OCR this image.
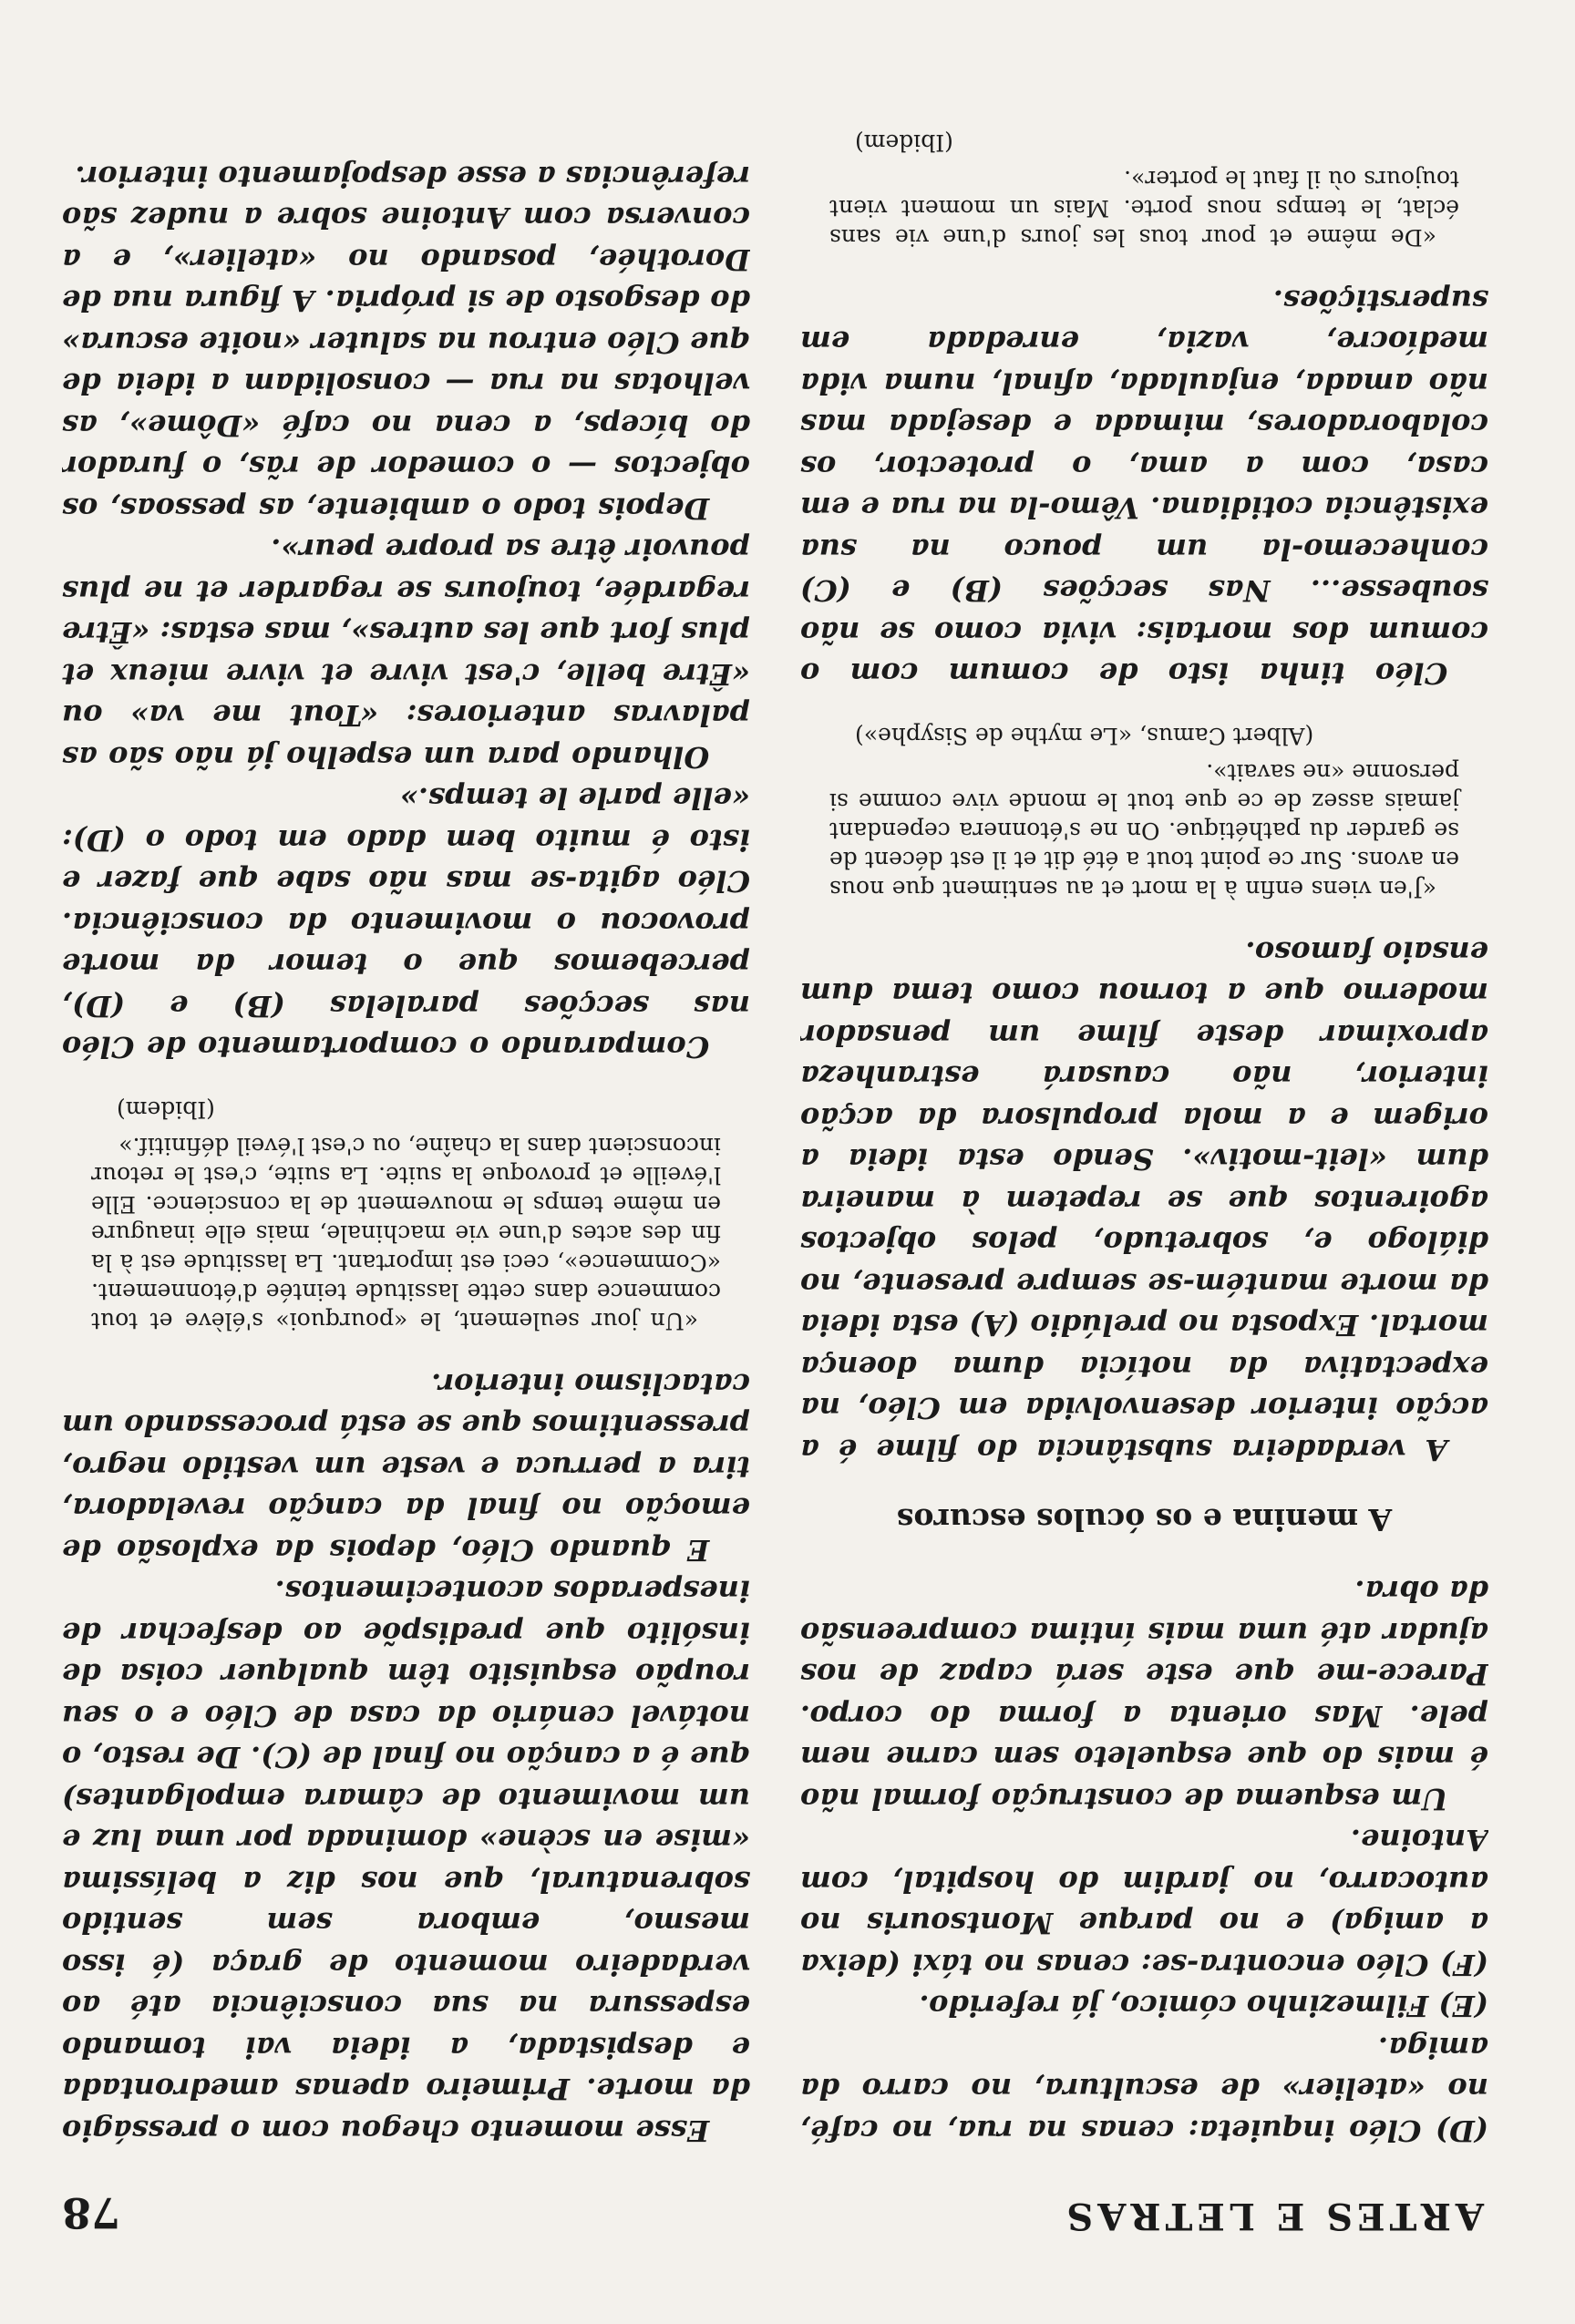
ARTES E LETRAS
78

(D) Cléo inquieta: cenas na rua, no café, no «atelier» de escultura, no carro da amiga.

(E) Filmezinho cómico, já referido.

(F) Cléo encontra-se: cenas no táxi (deixa a amiga) e no parque Montsouris no autocarro, no jardim do hospital, com Antoine.

Um esquema de construção formal não é mais do que esqueleto sem carne nem pele. Mas orienta a forma do corpo. Parece-me que este será capaz de nos ajudar até uma mais íntima compreensão da obra.

A menina e os óculos escuros

A verdadeira substância do filme é a acção interior desenvolvida em Cléo, na expectativa da notícia duma doença mortal. Exposta no prelúdio (A) esta ideia da morte mantém-se sempre presente, no diálogo e, sobretudo, pelos objectos agoirentos que se repetem à maneira dum «leit-motiv». Sendo esta ideia a origem e a mola propulsora da acção interior, não causará estranheza aproximar deste filme um pensador moderno que a tornou como tema dum ensaio famoso.

«J'en viens enfin à la mort et au sentiment que nous en avons. Sur ce point tout a été dit et il est décent de se garder du pathétique. On ne s'étonnera cependant jamais assez de ce que tout le monde vive comme si personne «ne savait».

(Albert Camus, «Le mythe de Sisyphe»)

Cléo tinha isto de comum com o comum dos mortais: vivia como se não soubesse... Nas secções (B) e (C) conhecemo-la um pouco na sua existência cotidiana. Vêmo-la na rua e em casa, com a ama, o protector, os colaboradores, mimada e desejada mas não amada, enjaulada, afinal, numa vida medíocre, vazia, enredada em superstições.

«De même et pour tous les jours d'une vie sans éclat, le temps nous porte. Mais un moment vient toujours où il faut le porter».

(Ibidem)

Esse momento chegou com o presságio da morte. Primeiro apenas amedrontada e despistada, a ideia vai tomando espessura na sua consciência até ao verdadeiro momento de graça (é isso mesmo, embora sem sentido sobrenatural, que nos diz a belíssima «mise en scène» dominada por uma luz e um movimento de câmara empolgantes) que é a canção no final de (C). De resto, o notável cenário da casa de Cléo e o seu roupão esquisito têm qualquer coisa de insólito que predispõe ao desfechar de inesperados acontecimentos.

E quando Cléo, depois da explosão de emoção no final da canção reveladora, tira a perruca e veste um vestido negro, pressentimos que se está processando um cataclismo interior.

«Un jour seulement, le «pourquoi» s'élève et tout commence dans cette lassitude teintée d'étonnement. «Commence», ceci est important. La lassitude est à la fin des actes d'une vie machinale, mais elle inaugure en même temps le mouvement de la conscience. Elle l'éveille et provoque la suite. La suite, c'est le retour inconscient dans la chaîne, ou c'est l'éveil définitif.»

(Ibidem)

Comparando o comportamento de Cléo nas secções paralelas (B) e (D), percebemos que o temor da morte provocou o movimento da consciência. Cléo agita-se mas não sabe que fazer e isto é muito bem dado em todo o (D): «elle parle le temps.»

Olhando para um espelho já não são as palavras anteriores: «Tout me va» ou «Être belle, c'est vivre et vivre mieux et plus fort que les autres», mas estas: «Être regardée, toujours se regarder et ne plus pouvoir être sa propre peur».

Depois todo o ambiente, as pessoas, os objectos — o comedor de rãs, o furador do bíceps, a cena no café «Dôme», as velhotas na rua — consolidam a ideia de que Cléo entrou na saluter «noite escura» do desgosto de si própria. A figura nua de Dorothée, posando no «atelier», e a conversa com Antoine sobre a nudez são referências a esse despojamento interior.
